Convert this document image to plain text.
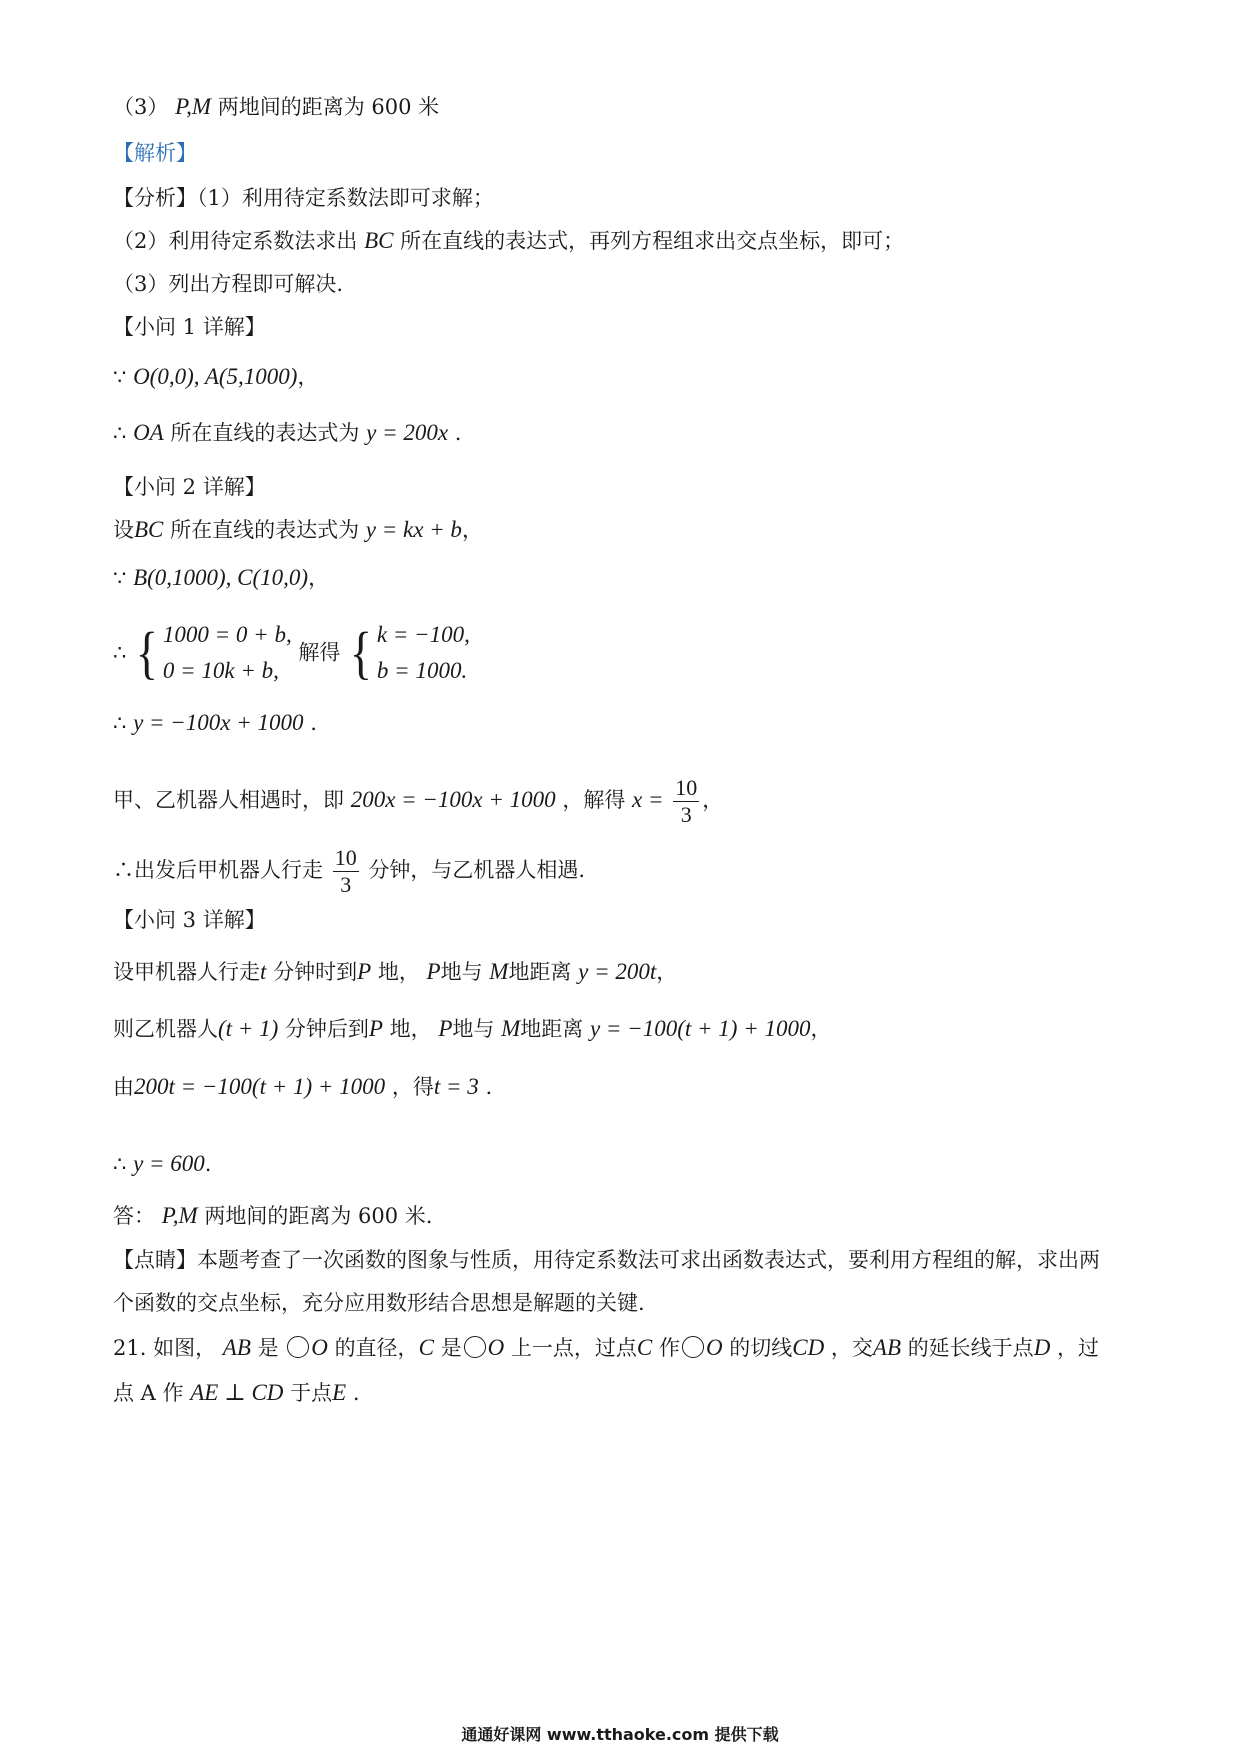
（3） P,M 两地间的距离为 600 米
【解析】
【分析】（1）利用待定系数法即可求解；
（2）利用待定系数法求出 BC 所在直线的表达式，再列方程组求出交点坐标，即可；
（3）列出方程即可解决.
【小问 1 详解】
∵ O(0,0), A(5,1000)，
∴ OA 所在直线的表达式为 y = 200x .
【小问 2 详解】
设BC 所在直线的表达式为 y = kx + b，
∵ B(0,1000), C(10,0)，
∴ { 1000 = 0 + b,
0 = 10k + b,
解得 { k = −100,
b = 1000.
∴ y = −100x + 1000 .
甲、乙机器人相遇时，即 200x = −100x + 1000 ，解得 $x = \frac{10}{3}$ ，
∴出发后甲机器人行走 $\frac{10}{3}$ 分钟，与乙机器人相遇.
【小问 3 详解】
设甲机器人行走t 分钟时到P 地， P地与 M地距离 y = 200t，
则乙机器人(t + 1) 分钟后到P 地， P地与 M地距离 y = −100(t + 1) + 1000，
由200t = −100(t + 1) + 1000 ，得t = 3 .
∴ y = 600.
答： P,M 两地间的距离为 600 米.
【点睛】本题考查了一次函数的图象与性质，用待定系数法可求出函数表达式，要利用方程组的解，求出两
个函数的交点坐标，充分应用数形结合思想是解题的关键.
21. 如图， AB 是 O 的直径，C 是 O 上一点，过点C 作 O 的切线CD ，交AB 的延长线于点D ，过
点 A 作 AE ⊥ CD 于点E .
通通好课网 www.tthaoke.com 提供下载
